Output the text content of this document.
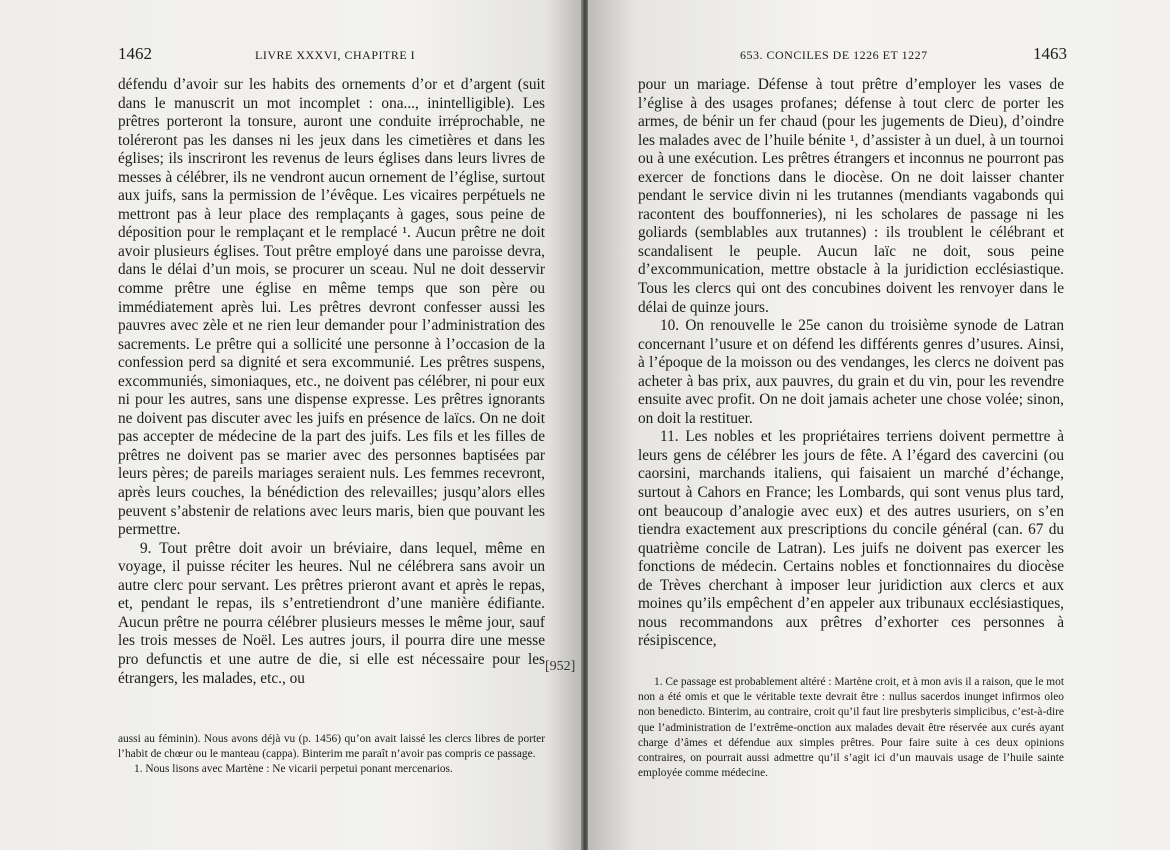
1462	LIVRE XXXVI, CHAPITRE I

défendu d’avoir sur les habits des ornements d’or et d’argent (suit dans le manuscrit un mot incomplet : ona..., inintelligible). Les prêtres porteront la tonsure, auront une conduite irréprochable, ne toléreront pas les danses ni les jeux dans les cimetières et dans les églises; ils inscriront les revenus de leurs églises dans leurs livres de messes à célébrer, ils ne vendront aucun ornement de l’église, surtout aux juifs, sans la permission de l’évêque. Les vicaires perpétuels ne mettront pas à leur place des remplaçants à gages, sous peine de déposition pour le remplaçant et le remplacé ¹. Aucun prêtre ne doit avoir plusieurs églises. Tout prêtre employé dans une paroisse devra, dans le délai d’un mois, se procurer un sceau. Nul ne doit desservir comme prêtre une église en même temps que son père ou immédiatement après lui. Les prêtres devront confesser aussi les pauvres avec zèle et ne rien leur demander pour l’administration des sacrements. Le prêtre qui a sollicité une personne à l’occasion de la confession perd sa dignité et sera excommunié. Les prêtres suspens, excommuniés, simoniaques, etc., ne doivent pas célébrer, ni pour eux ni pour les autres, sans une dispense expresse. Les prêtres ignorants ne doivent pas discuter avec les juifs en présence de laïcs. On ne doit pas accepter de médecine de la part des juifs. Les fils et les filles de prêtres ne doivent pas se marier avec des personnes baptisées par leurs pères; de pareils mariages seraient nuls. Les femmes recevront, après leurs couches, la bénédiction des relevailles; jusqu’alors elles peuvent s’abstenir de relations avec leurs maris, bien que pouvant les permettre.

9. Tout prêtre doit avoir un bréviaire, dans lequel, même en voyage, il puisse réciter les heures. Nul ne célébrera sans avoir un autre clerc pour servant. Les prêtres prieront avant et après le repas, et, pendant le repas, ils s’entretiendront d’une manière édifiante. Aucun prêtre ne pourra célébrer plusieurs messes le même jour, sauf les trois messes de Noël. Les autres jours, il pourra dire une messe pro defunctis et une autre de die, si elle est nécessaire pour les étrangers, les malades, etc., ou

[952]

aussi au féminin). Nous avons déjà vu (p. 1456) qu’on avait laissé les clercs libres de porter l’habit de chœur ou le manteau (cappa). Binterim me paraît n’avoir pas compris ce passage.

1. Nous lisons avec Martène : Ne vicarii perpetui ponant mercenarios.

653. CONCILES DE 1226 ET 1227	1463

pour un mariage. Défense à tout prêtre d’employer les vases de l’église à des usages profanes; défense à tout clerc de porter les armes, de bénir un fer chaud (pour les jugements de Dieu), d’oindre les malades avec de l’huile bénite ¹, d’assister à un duel, à un tournoi ou à une exécution. Les prêtres étrangers et inconnus ne pourront pas exercer de fonctions dans le diocèse. On ne doit laisser chanter pendant le service divin ni les trutannes (mendiants vagabonds qui racontent des bouffonneries), ni les scholares de passage ni les goliards (semblables aux trutannes) : ils troublent le célébrant et scandalisent le peuple. Aucun laïc ne doit, sous peine d’excommunication, mettre obstacle à la juridiction ecclésiastique. Tous les clercs qui ont des concubines doivent les renvoyer dans le délai de quinze jours.

10. On renouvelle le 25e canon du troisième synode de Latran concernant l’usure et on défend les différents genres d’usures. Ainsi, à l’époque de la moisson ou des vendanges, les clercs ne doivent pas acheter à bas prix, aux pauvres, du grain et du vin, pour les revendre ensuite avec profit. On ne doit jamais acheter une chose volée; sinon, on doit la restituer.

11. Les nobles et les propriétaires terriens doivent permettre à leurs gens de célébrer les jours de fête. A l’égard des cavercini (ou caorsini, marchands italiens, qui faisaient un marché d’échange, surtout à Cahors en France; les Lombards, qui sont venus plus tard, ont beaucoup d’analogie avec eux) et des autres usuriers, on s’en tiendra exactement aux prescriptions du concile général (can. 67 du quatrième concile de Latran). Les juifs ne doivent pas exercer les fonctions de médecin. Certains nobles et fonctionnaires du diocèse de Trèves cherchant à imposer leur juridiction aux clercs et aux moines qu’ils empêchent d’en appeler aux tribunaux ecclésiastiques, nous recommandons aux prêtres d’exhorter ces personnes à résipiscence,

1. Ce passage est probablement altéré : Martène croit, et à mon avis il a raison, que le mot non a été omis et que le véritable texte devrait être : nullus sacerdos inunget infirmos oleo non benedicto. Binterim, au contraire, croit qu’il faut lire presbyteris simplicibus, c’est-à-dire que l’administration de l’extrême-onction aux malades devait être réservée aux curés ayant charge d’âmes et défendue aux simples prêtres. Pour faire suite à ces deux opinions contraires, on pourrait aussi admettre qu’il s’agit ici d’un mauvais usage de l’huile sainte employée comme médecine.
